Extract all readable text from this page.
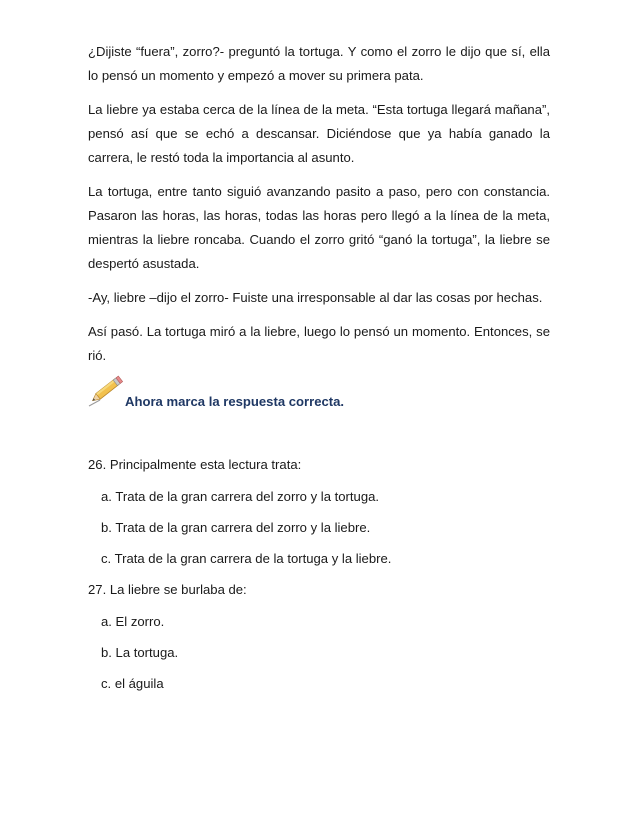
¿Dijiste “fuera”, zorro?- preguntó la tortuga. Y como el zorro le dijo que sí, ella lo pensó un momento y empezó a mover su primera pata.

La liebre ya estaba cerca de la línea de la meta. “Esta tortuga llegará mañana”, pensó así que se echó a descansar. Diciéndose que ya había ganado la carrera, le restó toda la importancia al asunto.

La tortuga, entre tanto siguió avanzando pasito a paso, pero con constancia. Pasaron las horas, las horas, todas las horas pero llegó a la línea de la meta, mientras la liebre roncaba. Cuando el zorro gritó “ganó la tortuga”, la liebre se despertó asustada.

-Ay, liebre –dijo el zorro- Fuiste una irresponsable al dar las cosas por hechas.

Así pasó. La tortuga miró a la liebre, luego lo pensó un momento. Entonces, se rió.

Ahora marca la respuesta correcta.

26. Principalmente esta lectura trata:

a. Trata de la gran carrera del zorro y la tortuga.

b. Trata de la gran carrera del zorro y la liebre.

c. Trata de la gran carrera de la tortuga y la liebre.

27. La liebre se burlaba de:

a. El zorro.

b. La tortuga.

c. el águila
